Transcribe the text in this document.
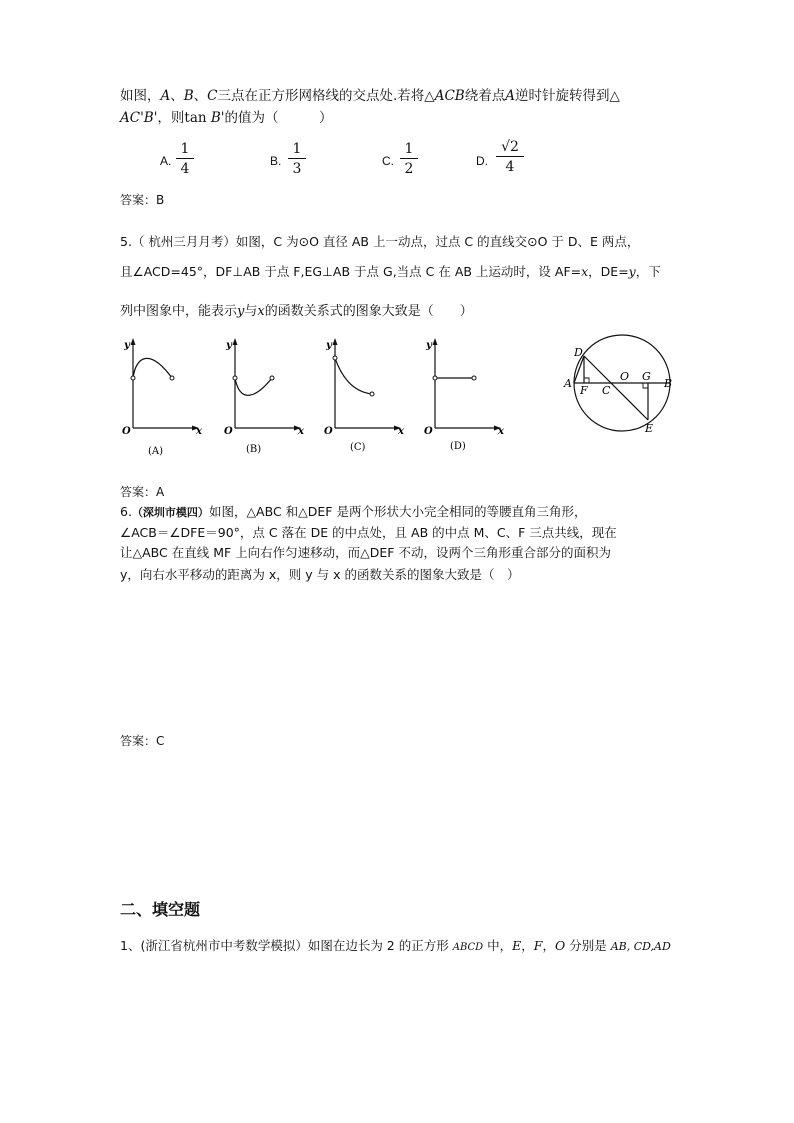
如图，A、B、C三点在正方形网格线的交点处.若将△ACB绕着点A逆时针旋转得到△
AC'B'，则tan B'的值为（　　　）
A. $\frac{1}{4}$	B. $\frac{1}{3}$	C. $\frac{1}{2}$	D. $\frac{√2}{4}$
答案：B
5.（ 杭州三月月考）如图，C 为⊙O 直径 AB 上一动点，过点 C 的直线交⊙O 于 D、E 两点，
且∠ACD=45°，DF⊥AB 于点 F,EG⊥AB 于点 G,当点 C 在 AB 上运动时，设 AF=x，DE=y，下
列中图象中，能表示y与x的函数关系式的图象大致是（　　）
y
x
O
(A)
y
x
O
(B)
y
x
O
(C)
y
x
O
(D)
D
A
F C
O G
B
E
答案：A
6.（深圳市模四）如图，△ABC 和△DEF 是两个形状大小完全相同的等腰直角三角形，
∠ACB＝∠DFE＝90°，点 C 落在 DE 的中点处，且 AB 的中点 M、C、F 三点共线，现在
让△ABC 在直线 MF 上向右作匀速移动，而△DEF 不动，设两个三角形重合部分的面积为
y，向右水平移动的距离为 x，则 y 与 x 的函数关系的图象大致是（　）
答案：C
二、填空题
1、(浙江省杭州市中考数学模拟）如图在边长为 2 的正方形 ABCD 中，E，F，O 分别是 AB, CD,AD
